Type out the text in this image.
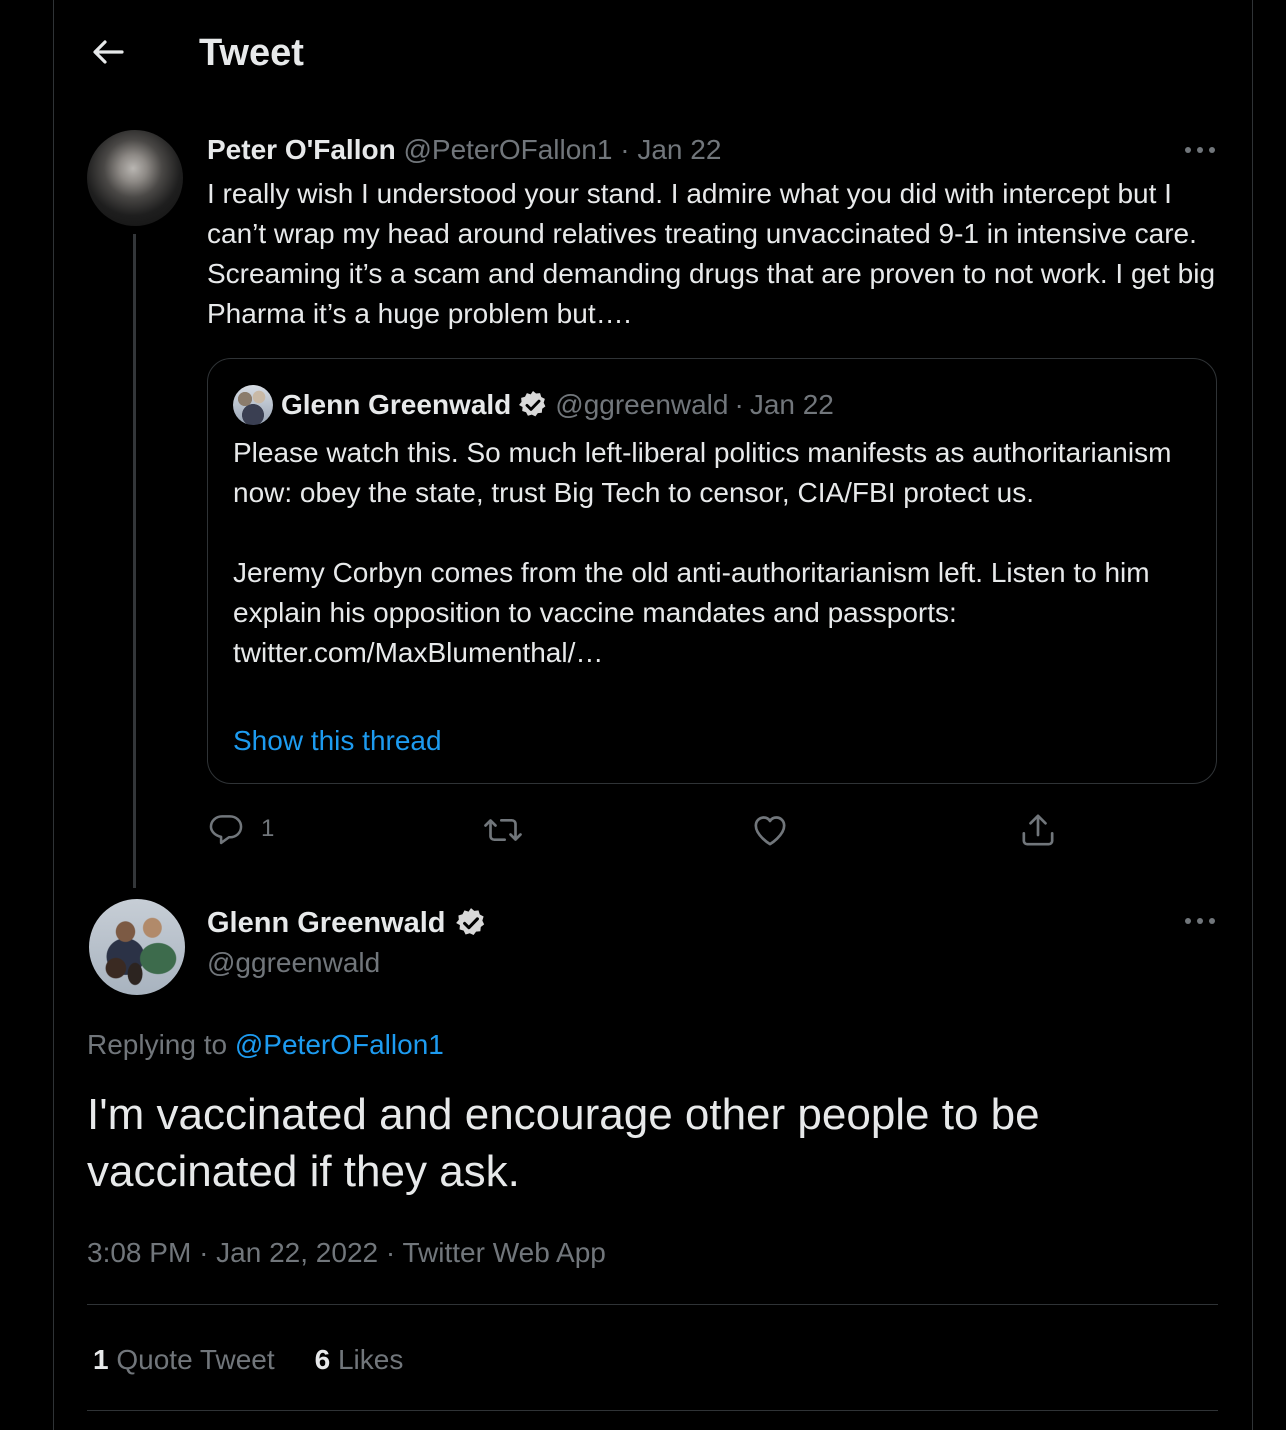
Tweet
Peter O'Fallon @PeterOFallon1 · Jan 22
I really wish I understood your stand. I admire what you did with intercept but I can’t wrap my head around relatives treating unvaccinated 9-1 in intensive care. Screaming it’s a scam and demanding drugs that are proven to not work. I get big Pharma it’s a huge problem but….
Glenn Greenwald @ggreenwald · Jan 22
Please watch this. So much left-liberal politics manifests as authoritarianism now: obey the state, trust Big Tech to censor, CIA/FBI protect us.

Jeremy Corbyn comes from the old anti-authoritarianism left. Listen to him explain his opposition to vaccine mandates and passports: twitter.com/MaxBlumenthal/…
Show this thread
1
Glenn Greenwald
@ggreenwald
Replying to @PeterOFallon1
I'm vaccinated and encourage other people to be vaccinated if they ask.
3:08 PM · Jan 22, 2022 · Twitter Web App
1 Quote Tweet 6 Likes
